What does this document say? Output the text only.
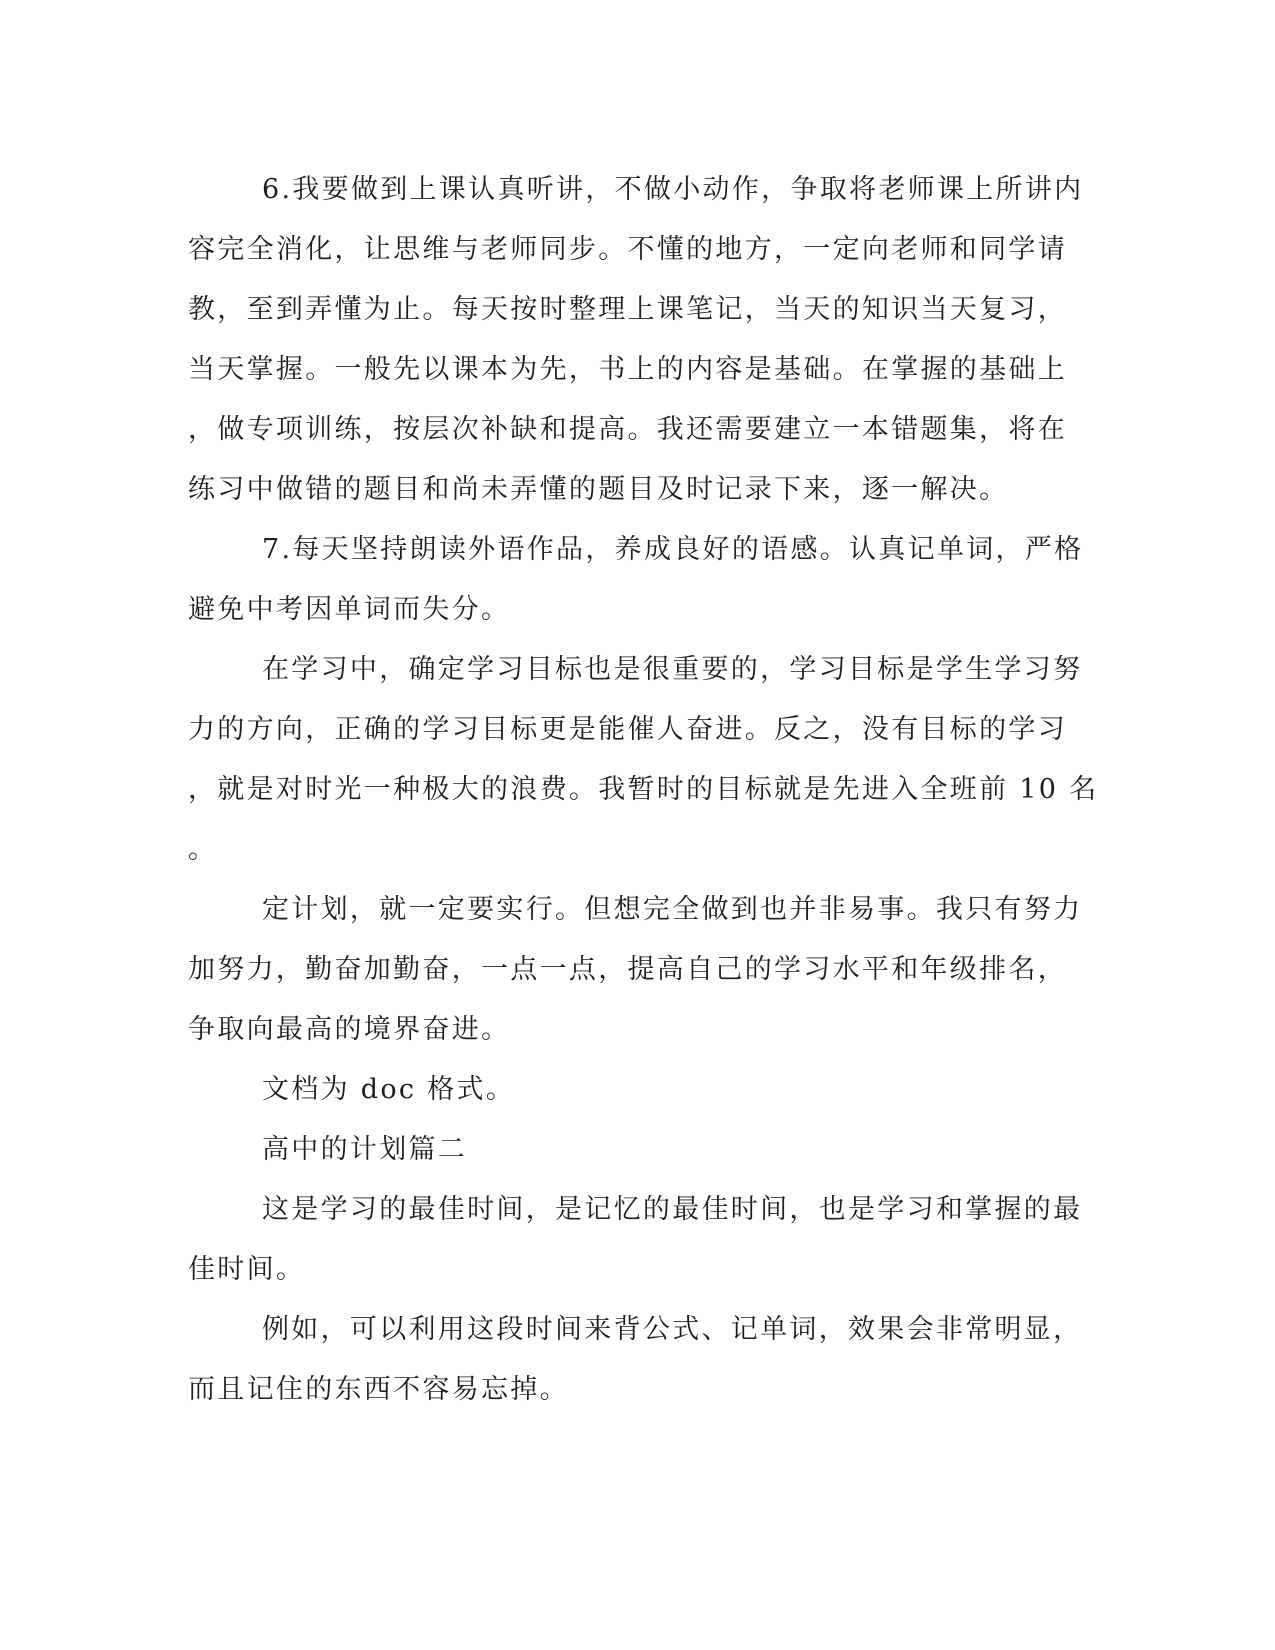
6.我要做到上课认真听讲，不做小动作，争取将老师课上所讲内

容完全消化，让思维与老师同步。不懂的地方，一定向老师和同学请

教，至到弄懂为止。每天按时整理上课笔记，当天的知识当天复习，

当天掌握。一般先以课本为先，书上的内容是基础。在掌握的基础上

，做专项训练，按层次补缺和提高。我还需要建立一本错题集，将在

练习中做错的题目和尚未弄懂的题目及时记录下来，逐一解决。

7.每天坚持朗读外语作品，养成良好的语感。认真记单词，严格

避免中考因单词而失分。

在学习中，确定学习目标也是很重要的，学习目标是学生学习努

力的方向，正确的学习目标更是能催人奋进。反之，没有目标的学习

，就是对时光一种极大的浪费。我暂时的目标就是先进入全班前 10 名

。

定计划，就一定要实行。但想完全做到也并非易事。我只有努力

加努力，勤奋加勤奋，一点一点，提高自己的学习水平和年级排名，

争取向最高的境界奋进。

文档为 doc 格式。

高中的计划篇二

这是学习的最佳时间，是记忆的最佳时间，也是学习和掌握的最

佳时间。

例如，可以利用这段时间来背公式、记单词，效果会非常明显，

而且记住的东西不容易忘掉。
